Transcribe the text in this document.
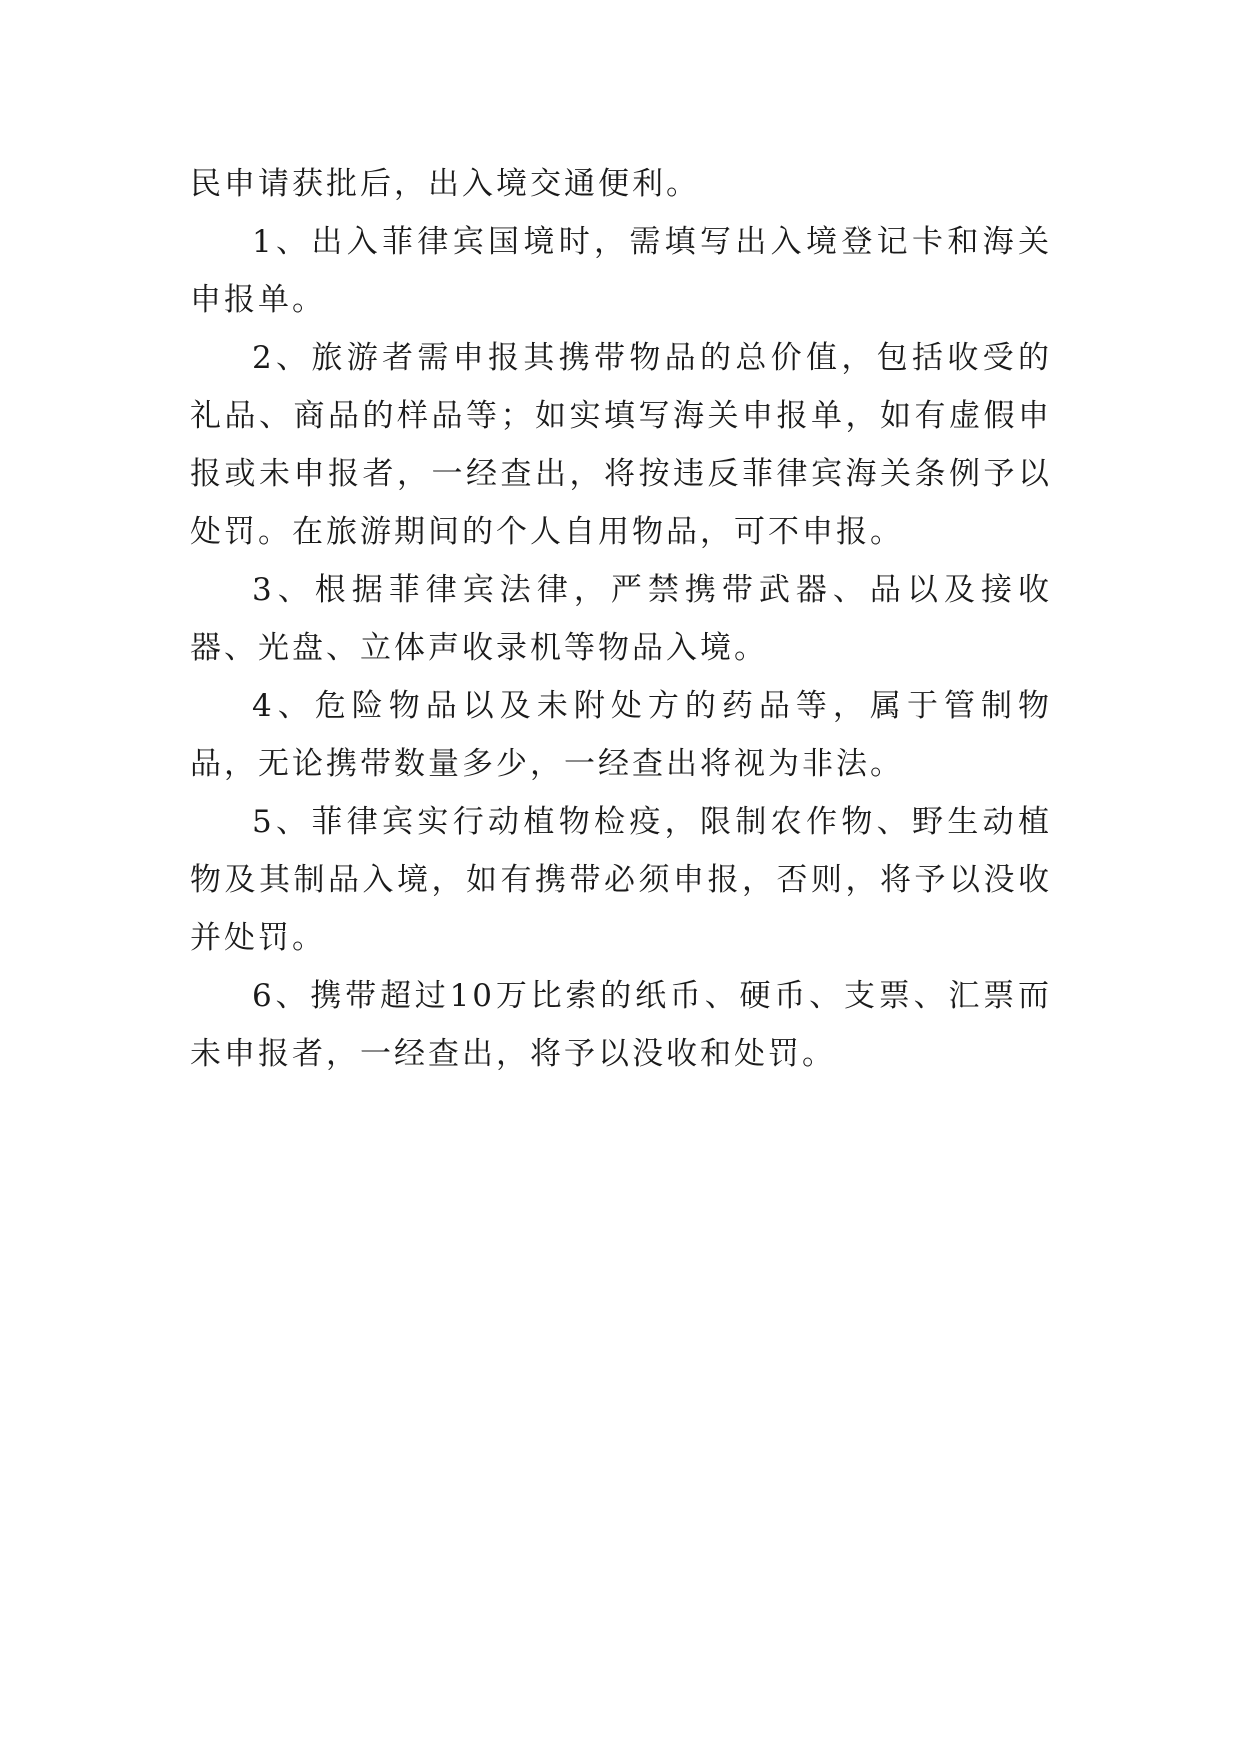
民申请获批后，出入境交通便利。

1、出入菲律宾国境时，需填写出入境登记卡和海关申报单。

2、旅游者需申报其携带物品的总价值，包括收受的礼品、商品的样品等；如实填写海关申报单，如有虚假申报或未申报者，一经查出，将按违反菲律宾海关条例予以处罚。在旅游期间的个人自用物品，可不申报。

3、根据菲律宾法律，严禁携带武器、品以及接收器、光盘、立体声收录机等物品入境。

4、危险物品以及未附处方的药品等，属于管制物品，无论携带数量多少，一经查出将视为非法。

5、菲律宾实行动植物检疫，限制农作物、野生动植物及其制品入境，如有携带必须申报，否则，将予以没收并处罚。

6、携带超过10万比索的纸币、硬币、支票、汇票而未申报者，一经查出，将予以没收和处罚。
